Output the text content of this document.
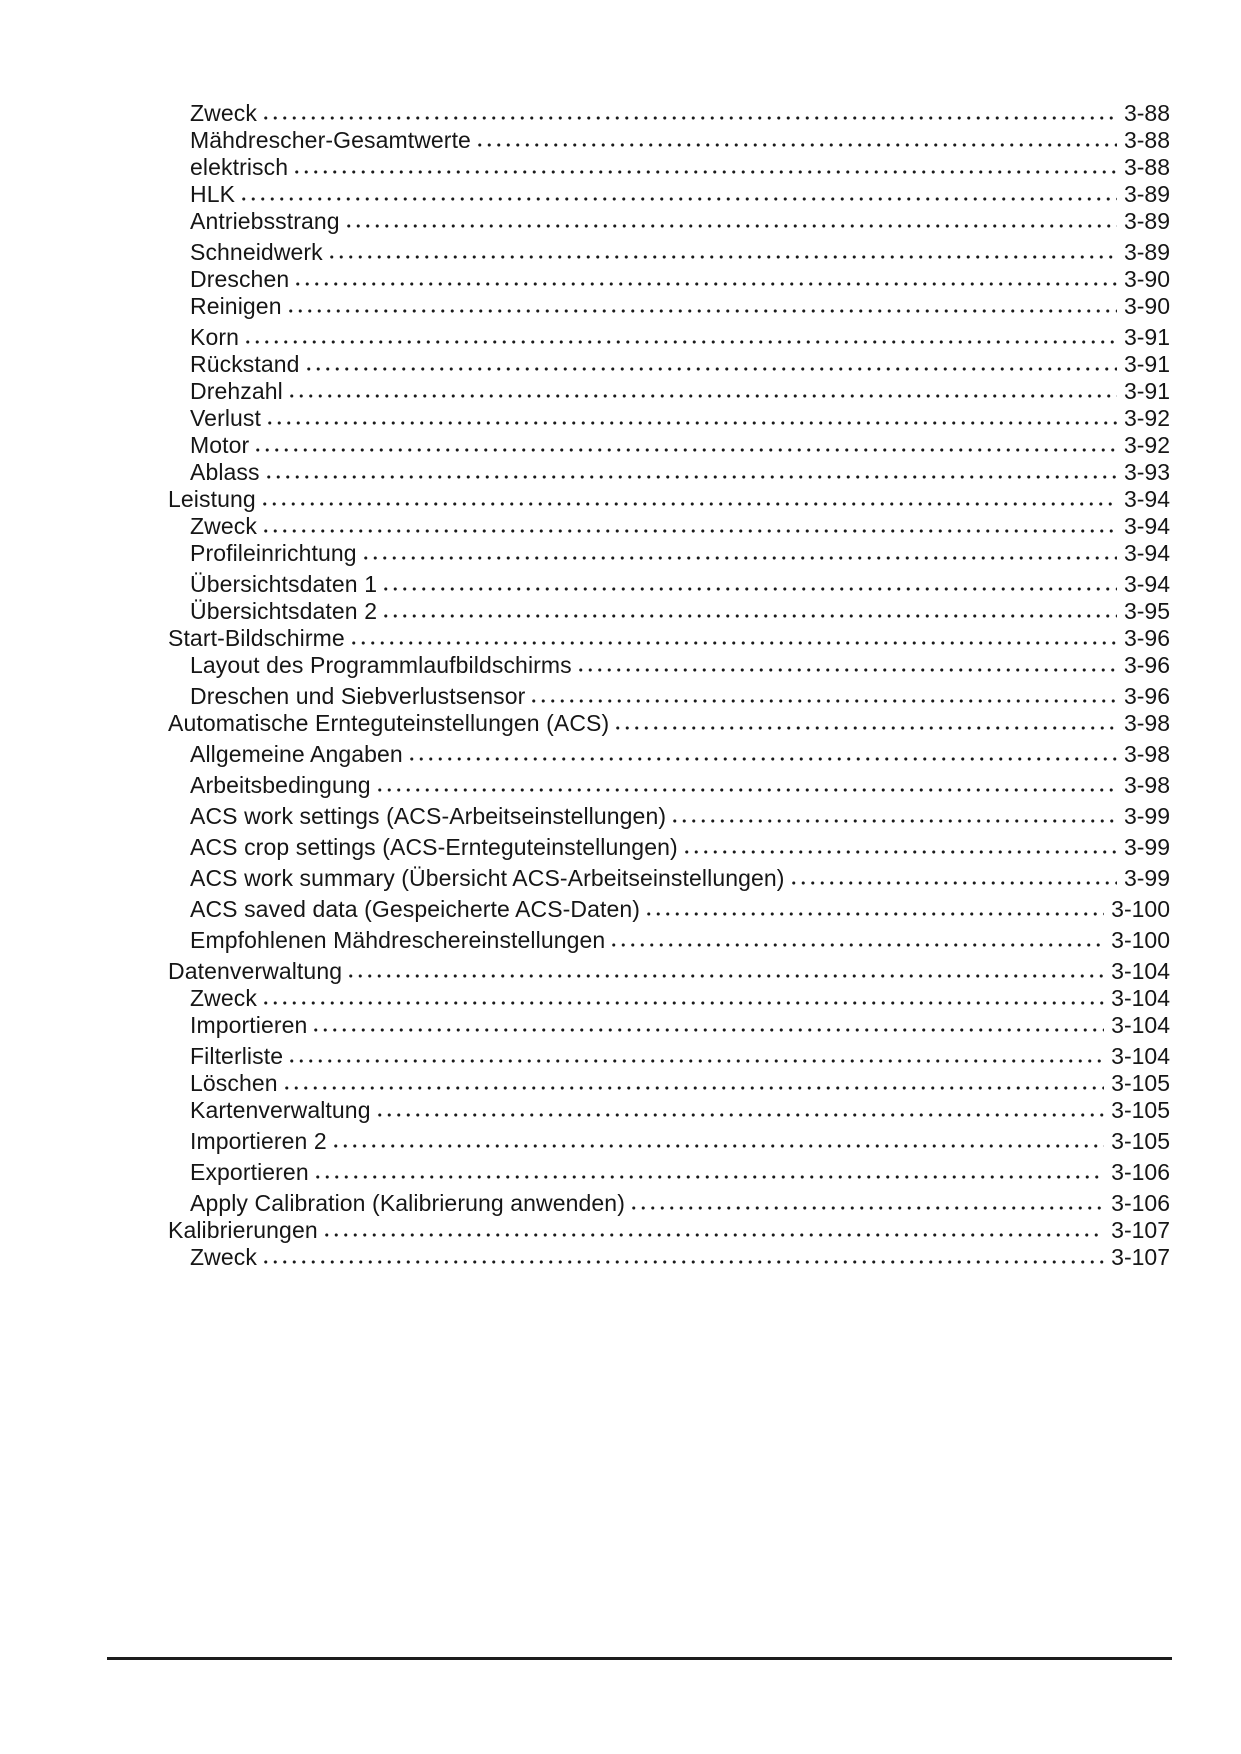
Zweck	3-88
Mähdrescher-Gesamtwerte	3-88
elektrisch	3-88
HLK	3-89
Antriebsstrang	3-89
Schneidwerk	3-89
Dreschen	3-90
Reinigen	3-90
Korn	3-91
Rückstand	3-91
Drehzahl	3-91
Verlust	3-92
Motor	3-92
Ablass	3-93
Leistung	3-94
Zweck	3-94
Profileinrichtung	3-94
Übersichtsdaten 1	3-94
Übersichtsdaten 2	3-95
Start-Bildschirme	3-96
Layout des Programmlaufbildschirms	3-96
Dreschen und Siebverlustsensor	3-96
Automatische Ernteguteinstellungen (ACS)	3-98
Allgemeine Angaben	3-98
Arbeitsbedingung	3-98
ACS work settings (ACS-Arbeitseinstellungen)	3-99
ACS crop settings (ACS-Ernteguteinstellungen)	3-99
ACS work summary (Übersicht ACS-Arbeitseinstellungen)	3-99
ACS saved data (Gespeicherte ACS-Daten)	3-100
Empfohlenen Mähdreschereinstellungen	3-100
Datenverwaltung	3-104
Zweck	3-104
Importieren	3-104
Filterliste	3-104
Löschen	3-105
Kartenverwaltung	3-105
Importieren 2	3-105
Exportieren	3-106
Apply Calibration (Kalibrierung anwenden)	3-106
Kalibrierungen	3-107
Zweck	3-107
